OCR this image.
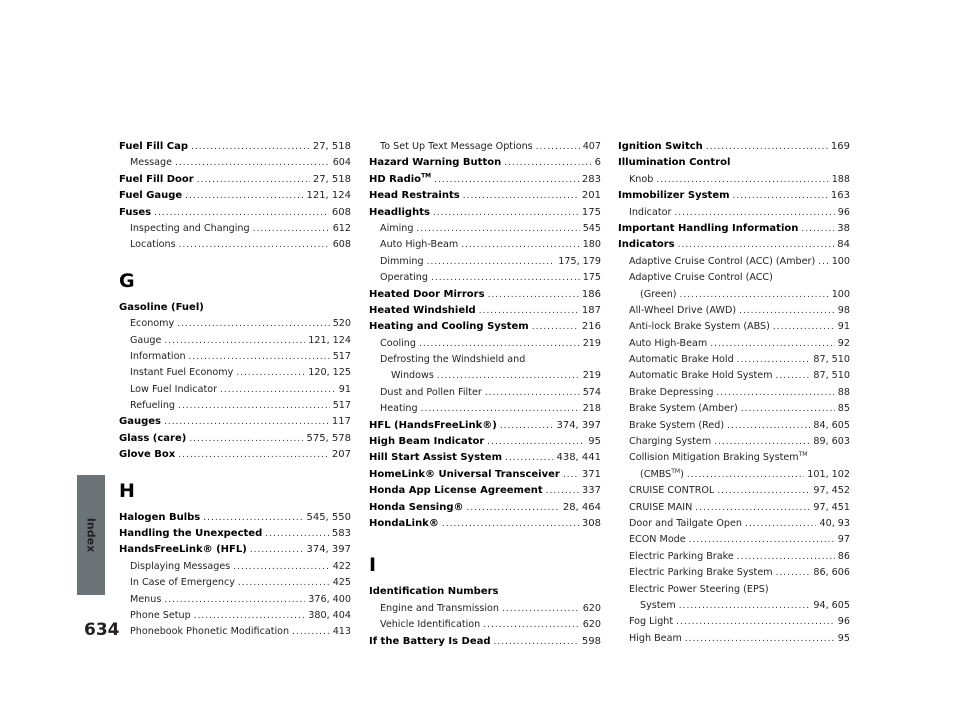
Index
634
Fuel Fill Cap .....	27, 518
Message .....	604
Fuel Fill Door .....	27, 518
Fuel Gauge .....	121, 124
Fuses .....	608
Inspecting and Changing .....	612
Locations .....	608
G
Gasoline (Fuel)
Economy .....	520
Gauge .....	121, 124
Information .....	517
Instant Fuel Economy .....	120, 125
Low Fuel Indicator .....	91
Refueling .....	517
Gauges .....	117
Glass (care) .....	575, 578
Glove Box .....	207
H
Halogen Bulbs .....	545, 550
Handling the Unexpected .....	583
HandsFreeLink® (HFL) .....	374, 397
Displaying Messages .....	422
In Case of Emergency .....	425
Menus .....	376, 400
Phone Setup .....	380, 404
Phonebook Phonetic Modification .....	413
To Set Up Text Message Options .....	407
Hazard Warning Button .....	6
HD Radio™ .....	283
Head Restraints .....	201
Headlights .....	175
Aiming .....	545
Auto High-Beam .....	180
Dimming .....	175, 179
Operating .....	175
Heated Door Mirrors .....	186
Heated Windshield .....	187
Heating and Cooling System .....	216
Cooling .....	219
Defrosting the Windshield and
Windows .....	219
Dust and Pollen Filter .....	574
Heating .....	218
HFL (HandsFreeLink®) .....	374, 397
High Beam Indicator .....	95
Hill Start Assist System .....	438, 441
HomeLink® Universal Transceiver ..... 371
Honda App License Agreement .....	337
Honda Sensing® .....	28, 464
HondaLink® .....	308
I
Identification Numbers
Engine and Transmission .....	620
Vehicle Identification .....	620
If the Battery Is Dead .....	598
Ignition Switch .....	169
Illumination Control
Knob .....	188
Immobilizer System .....	163
Indicator .....	96
Important Handling Information .....	38
Indicators .....	84
Adaptive Cruise Control (ACC) (Amber) ..... 100
Adaptive Cruise Control (ACC)
(Green) .....	100
All-Wheel Drive (AWD) .....	98
Anti-lock Brake System (ABS) .....	91
Auto High-Beam .....	92
Automatic Brake Hold .....	87, 510
Automatic Brake Hold System .....	87, 510
Brake Depressing .....	88
Brake System (Amber) .....	85
Brake System (Red) .....	84, 605
Charging System .....	89, 603
Collision Mitigation Braking System™
(CMBS™) .....	101, 102
CRUISE CONTROL .....	97, 452
CRUISE MAIN .....	97, 451
Door and Tailgate Open .....	40, 93
ECON Mode .....	97
Electric Parking Brake .....	86
Electric Parking Brake System .....	86, 606
Electric Power Steering (EPS)
System .....	94, 605
Fog Light .....	96
High Beam .....	95
